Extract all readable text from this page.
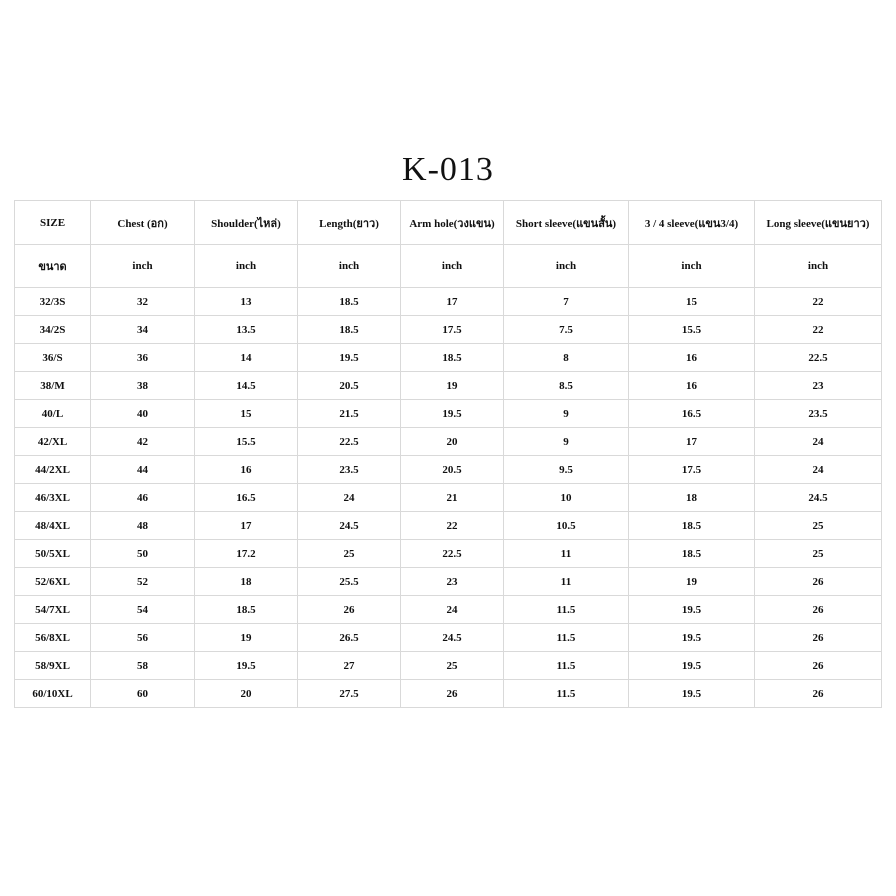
K-013
SIZE	Chest (อก)	Shoulder(ไหล่)	Length(ยาว)	Arm hole(วงแขน)	Short sleeve(แขนสั้น)	3 / 4 sleeve(แขน3/4)	Long sleeve(แขนยาว)
ขนาด	inch	inch	inch	inch	inch	inch	inch
32/3S	32	13	18.5	17	7	15	22
34/2S	34	13.5	18.5	17.5	7.5	15.5	22
36/S	36	14	19.5	18.5	8	16	22.5
38/M	38	14.5	20.5	19	8.5	16	23
40/L	40	15	21.5	19.5	9	16.5	23.5
42/XL	42	15.5	22.5	20	9	17	24
44/2XL	44	16	23.5	20.5	9.5	17.5	24
46/3XL	46	16.5	24	21	10	18	24.5
48/4XL	48	17	24.5	22	10.5	18.5	25
50/5XL	50	17.2	25	22.5	11	18.5	25
52/6XL	52	18	25.5	23	11	19	26
54/7XL	54	18.5	26	24	11.5	19.5	26
56/8XL	56	19	26.5	24.5	11.5	19.5	26
58/9XL	58	19.5	27	25	11.5	19.5	26
60/10XL	60	20	27.5	26	11.5	19.5	26
